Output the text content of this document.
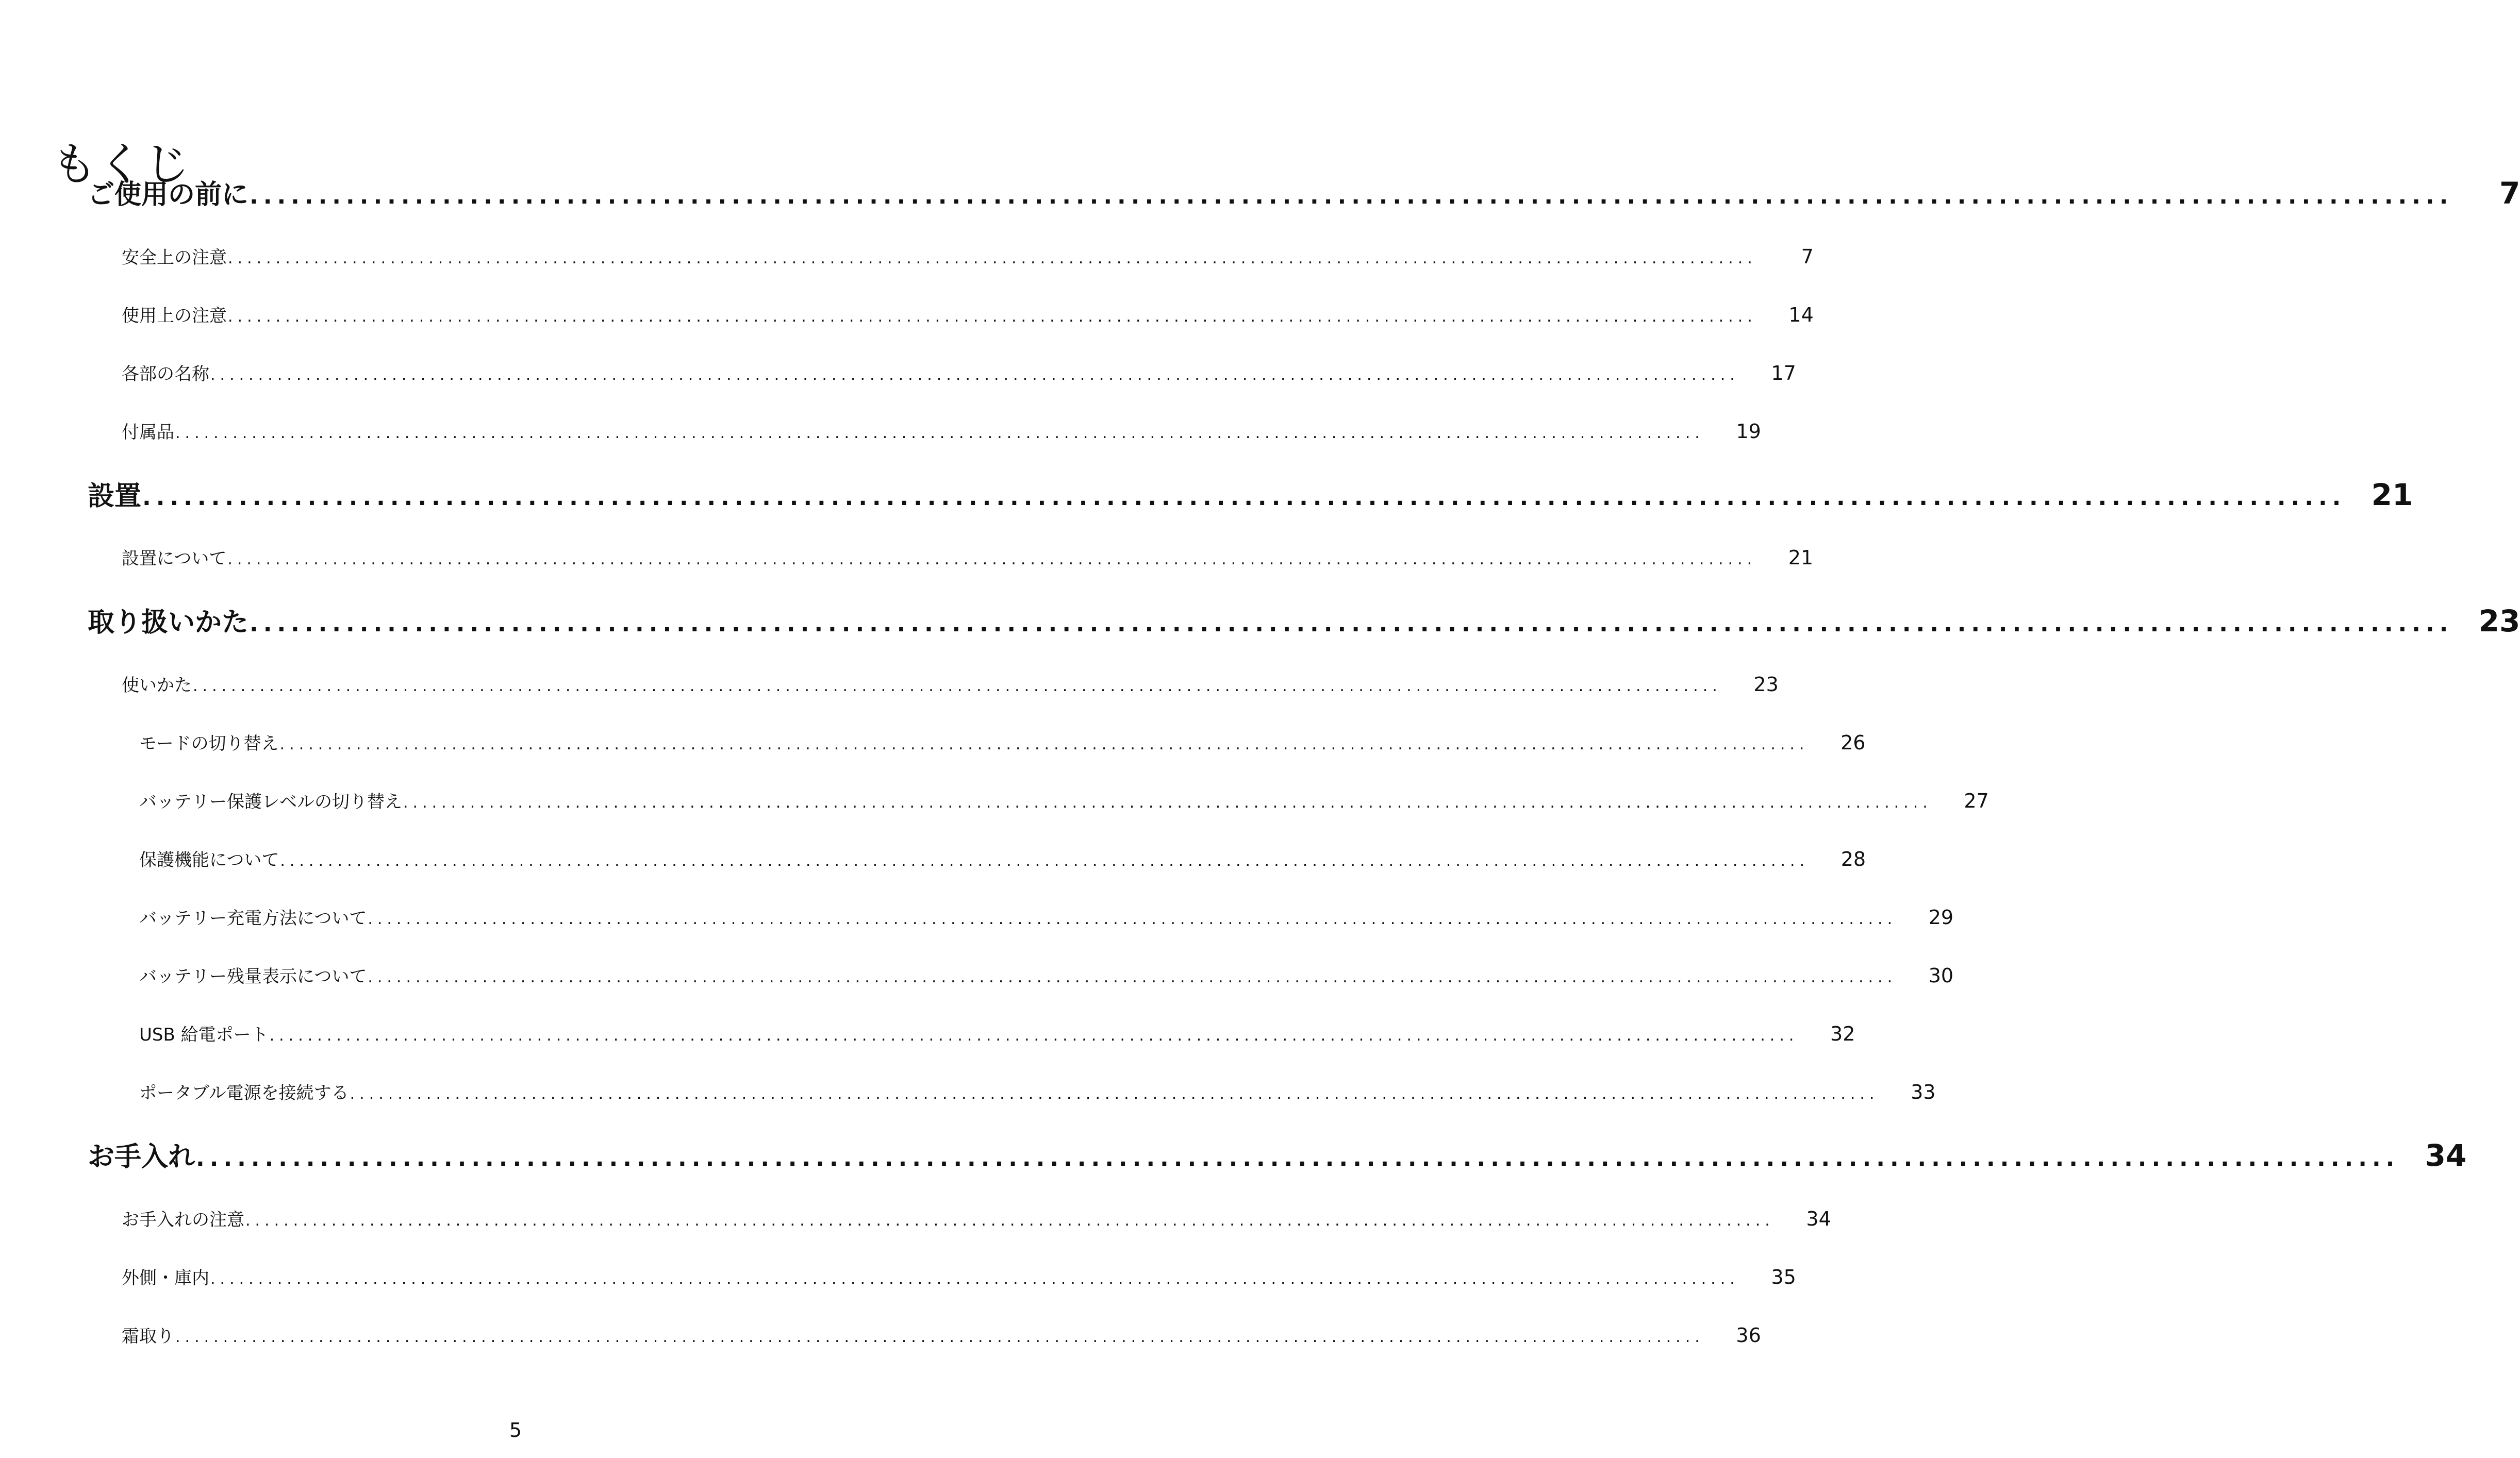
もくじ
ご使用の前に ................................................................................................................................................................	7
安全上の注意 ................................................................................................................................................................	7
使用上の注意 ................................................................................................................................................................	14
各部の名称 ................................................................................................................................................................	17
付属品 ................................................................................................................................................................	19
設置 ................................................................................................................................................................ 21
設置について ................................................................................................................................................................	21
取り扱いかた ................................................................................................................................................................ 23
使いかた ................................................................................................................................................................	23
モードの切り替え ................................................................................................................................................................	26
バッテリー保護レベルの切り替え ................................................................................................................................................................	27
保護機能について ................................................................................................................................................................	28
バッテリー充電方法について ................................................................................................................................................................	29
バッテリー残量表示について ................................................................................................................................................................	30
USB 給電ポート ................................................................................................................................................................	32
ポータブル電源を接続する ................................................................................................................................................................	33
お手入れ ................................................................................................................................................................ 34
お手入れの注意 ................................................................................................................................................................	34
外側・庫内 ................................................................................................................................................................	35
霜取り ................................................................................................................................................................	36
5
